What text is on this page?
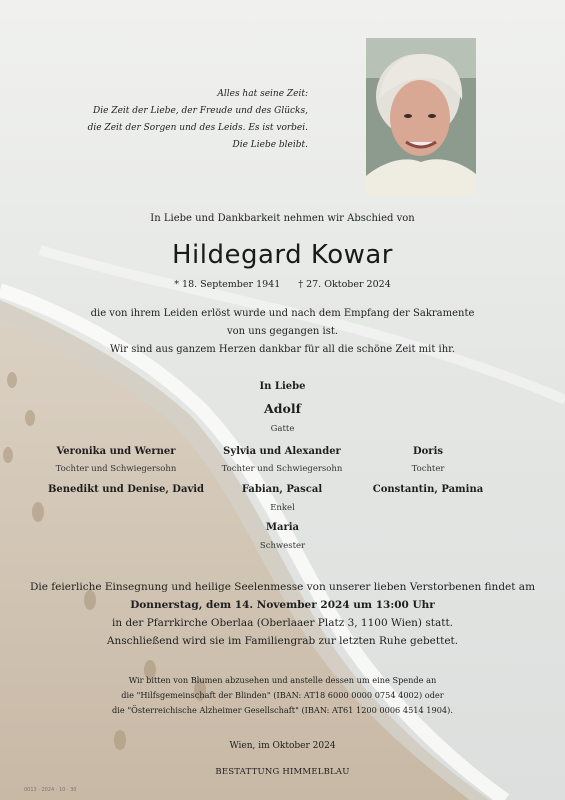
Alles hat seine Zeit:
Die Zeit der Liebe, der Freude und des Glücks,
die Zeit der Sorgen und des Leids. Es ist vorbei.
Die Liebe bleibt.
In Liebe und Dankbarkeit nehmen wir Abschied von
Hildegard Kowar
* 18. September 1941 † 27. Oktober 2024
die von ihrem Leiden erlöst wurde und nach dem Empfang der Sakramente
von uns gegangen ist.
Wir sind aus ganzem Herzen dankbar für all die schöne Zeit mit ihr.
In Liebe
Adolf
Gatte
Veronika und Werner
Tochter und Schwiegersohn
Sylvia und Alexander
Tochter und Schwiegersohn
Doris
Tochter
Benedikt und Denise, David	Fabian, Pascal	Constantin, Pamina
Enkel
Maria
Schwester
Die feierliche Einsegnung und heilige Seelenmesse von unserer lieben Verstorbenen findet am
Donnerstag, dem 14. November 2024 um 13:00 Uhr
in der Pfarrkirche Oberlaa (Oberlaaer Platz 3, 1100 Wien) statt.
Anschließend wird sie im Familiengrab zur letzten Ruhe gebettet.
Wir bitten von Blumen abzusehen und anstelle dessen um eine Spende an
die "Hilfsgemeinschaft der Blinden" (IBAN: AT18 6000 0000 0754 4002) oder
die "Österreichische Alzheimer Gesellschaft" (IBAN: AT61 1200 0006 4514 1904).
Wien, im Oktober 2024
BESTATTUNG HIMMELBLAU
0013 · 2024 · 10 · 30
